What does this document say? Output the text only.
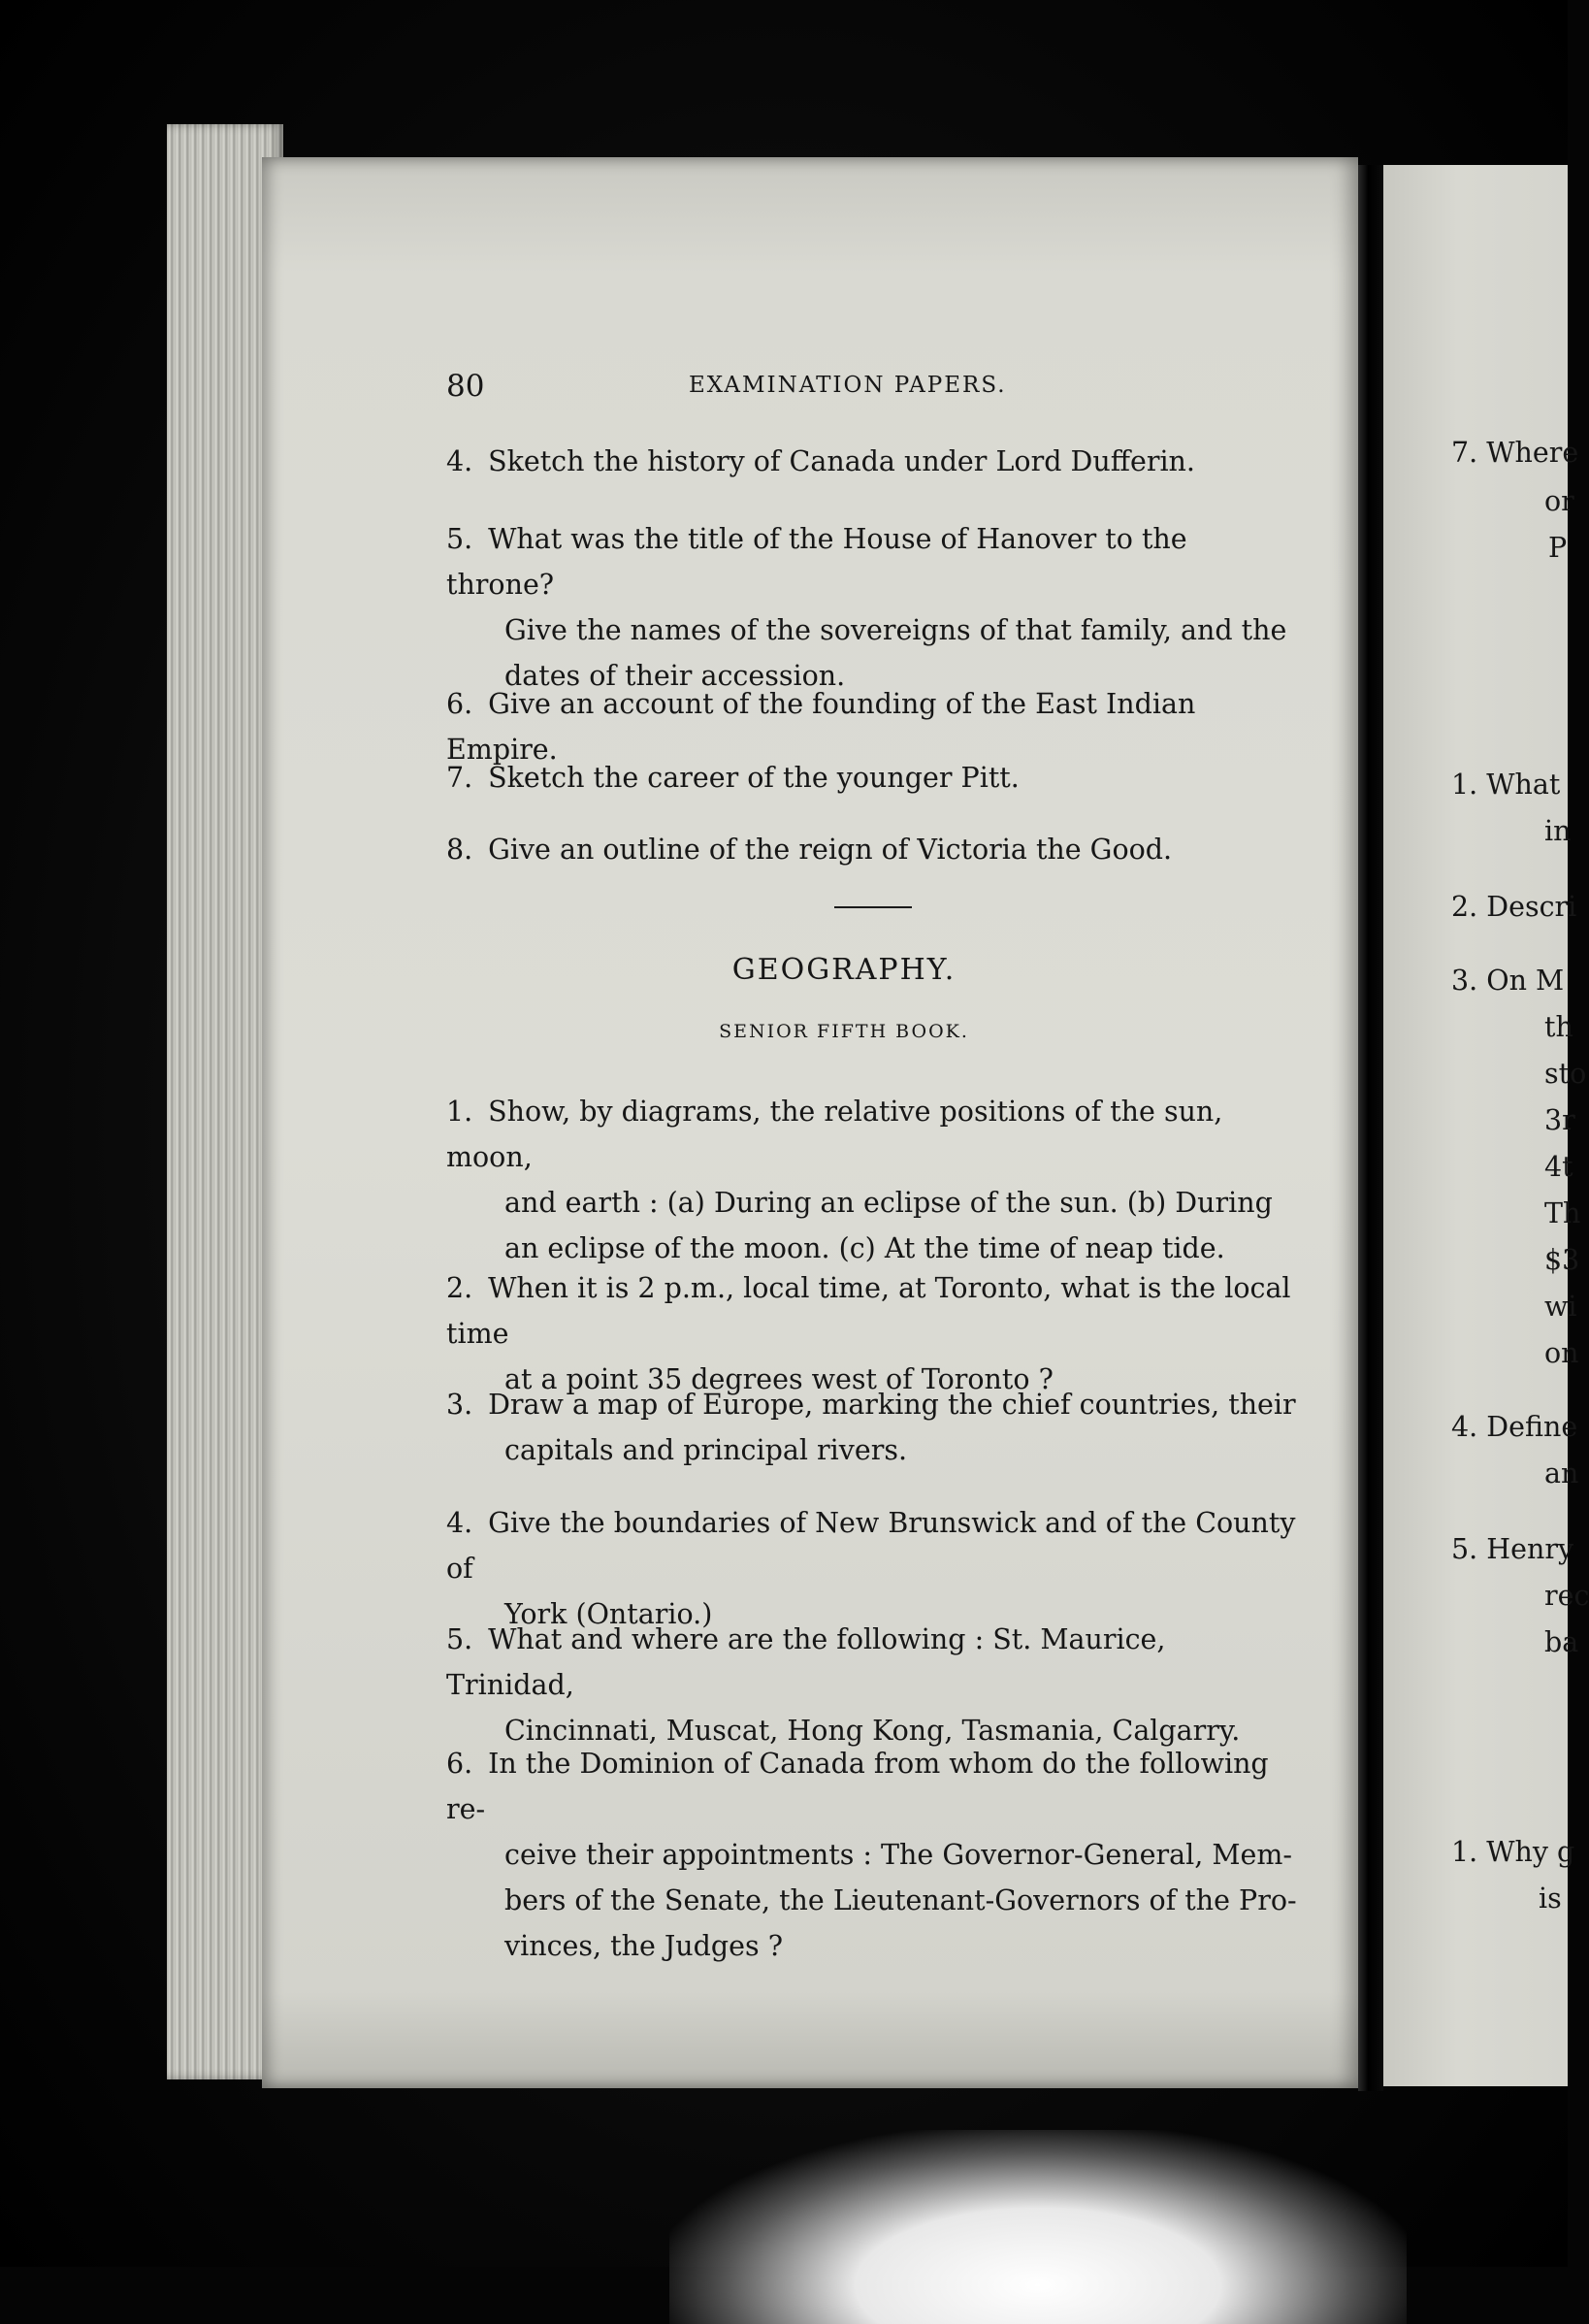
80	EXAMINATION PAPERS.
4. Sketch the history of Canada under Lord Dufferin.
5. What was the title of the House of Hanover to the throne?
Give the names of the sovereigns of that family, and the
dates of their accession.
6. Give an account of the founding of the East Indian Empire.
7. Sketch the career of the younger Pitt.
8. Give an outline of the reign of Victoria the Good.
GEOGRAPHY.
SENIOR FIFTH BOOK.
1. Show, by diagrams, the relative positions of the sun, moon,
and earth : (a) During an eclipse of the sun. (b) During
an eclipse of the moon. (c) At the time of neap tide.
2. When it is 2 p.m., local time, at Toronto, what is the local time
at a point 35 degrees west of Toronto ?
3. Draw a map of Europe, marking the chief countries, their
capitals and principal rivers.
4. Give the boundaries of New Brunswick and of the County of
York (Ontario.)
5. What and where are the following : St. Maurice, Trinidad,
Cincinnati, Muscat, Hong Kong, Tasmania, Calgarry.
6. In the Dominion of Canada from whom do the following re-
ceive their appointments : The Governor-General, Mem-
bers of the Senate, the Lieutenant-Governors of the Pro-
vinces, the Judges ?
7. Where
or
P
1. What
in
2. Descri
3. On M
th
sto
3r
4t
Th
$3
wi
on
4. Define
an
5. Henry
rec
ba
1. Why g
is
